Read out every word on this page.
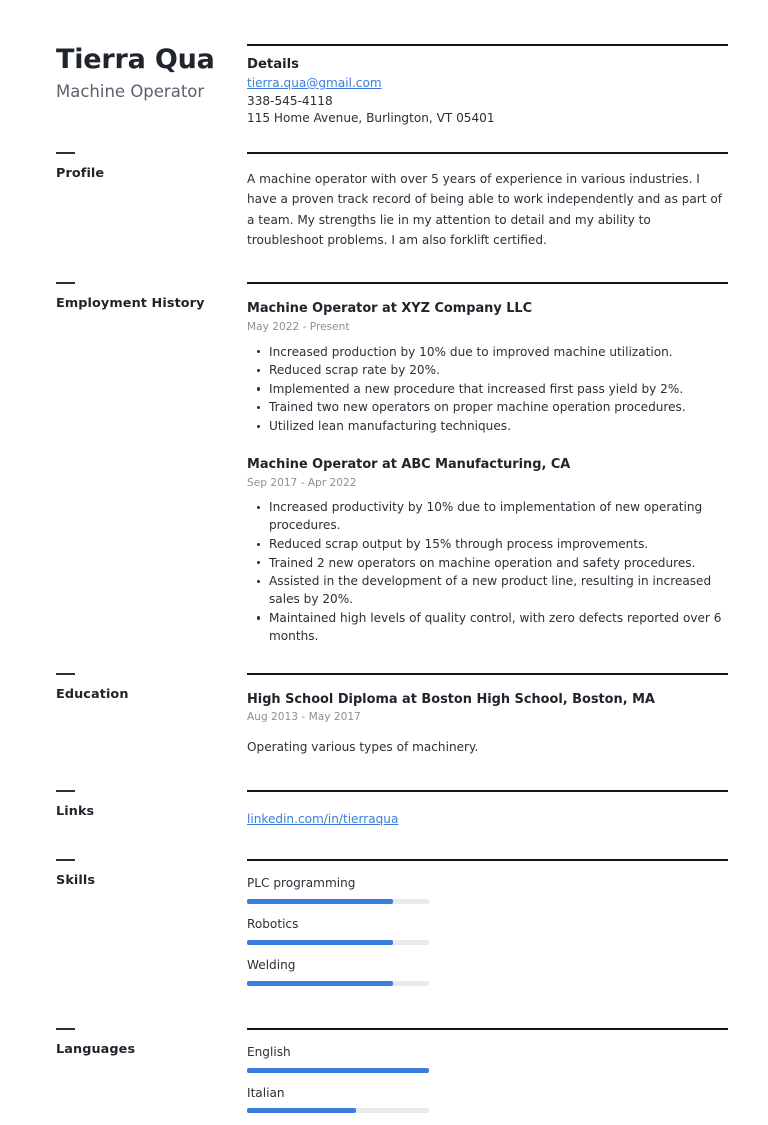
Tierra Qua
Machine Operator
Details
tierra.qua@gmail.com
338-545-4118
115 Home Avenue, Burlington, VT 05401
Profile	A machine operator with over 5 years of experience in various industries. I have a proven track record of being able to work independently and as part of a team. My strengths lie in my attention to detail and my ability to troubleshoot problems. I am also forklift certified.
Employment History	Machine Operator at XYZ Company LLC
May 2022 - Present
Increased production by 10% due to improved machine utilization.
Reduced scrap rate by 20%.
Implemented a new procedure that increased first pass yield by 2%.
Trained two new operators on proper machine operation procedures.
Utilized lean manufacturing techniques.
Machine Operator at ABC Manufacturing, CA
Sep 2017 - Apr 2022
Increased productivity by 10% due to implementation of new operating procedures.
Reduced scrap output by 15% through process improvements.
Trained 2 new operators on machine operation and safety procedures.
Assisted in the development of a new product line, resulting in increased sales by 20%.
Maintained high levels of quality control, with zero defects reported over 6 months.
Education	High School Diploma at Boston High School, Boston, MA
Aug 2013 - May 2017
Operating various types of machinery.
Links	linkedin.com/in/tierraqua
Skills	PLC programming
Robotics
Welding
Languages	English
Italian
